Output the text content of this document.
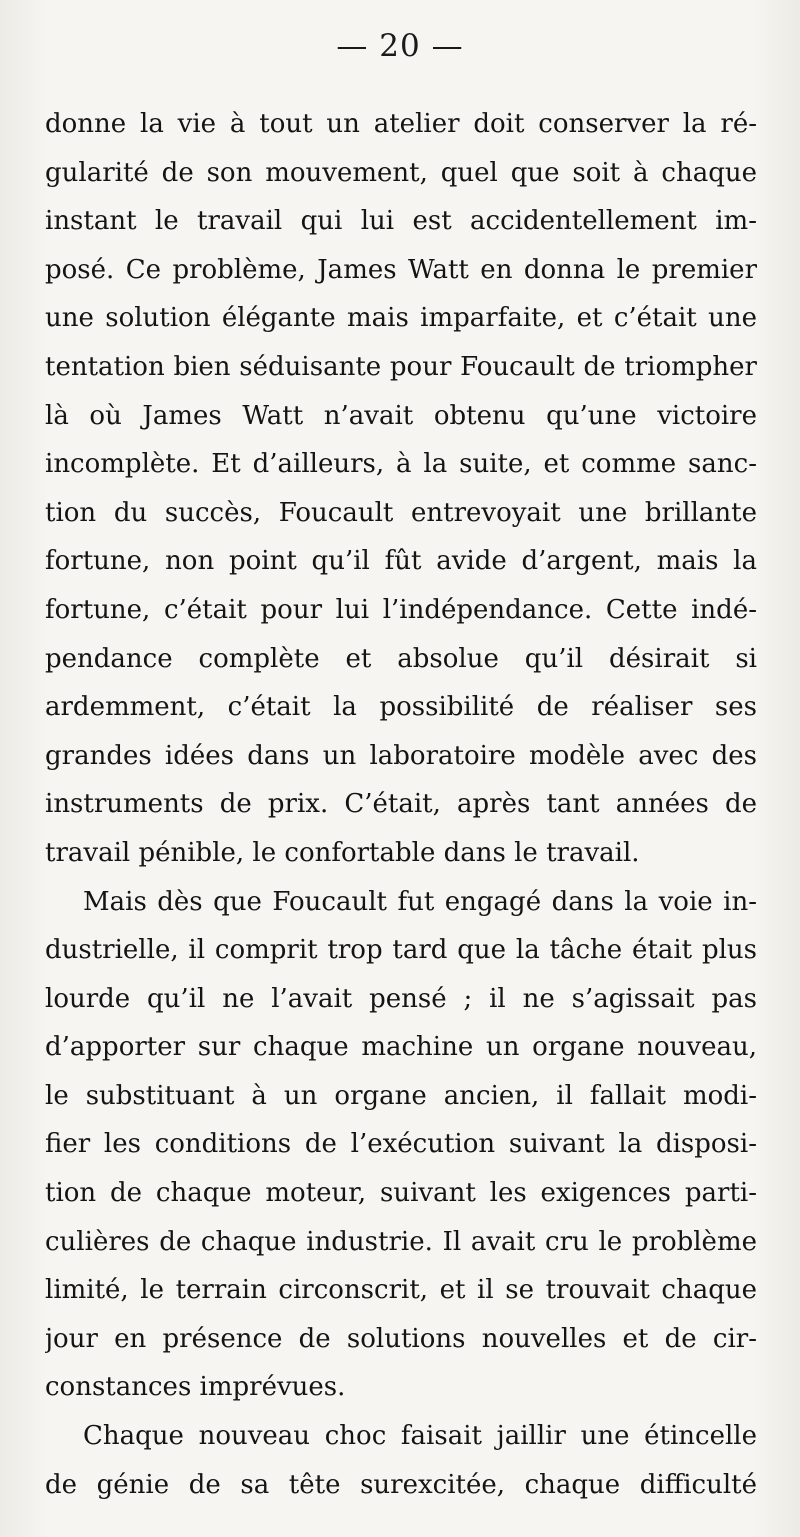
— 20 —
donne la vie à tout un atelier doit conserver la ré-
gularité de son mouvement, quel que soit à chaque
instant le travail qui lui est accidentellement im-
posé. Ce problème, James Watt en donna le premier
une solution élégante mais imparfaite, et c’était une
tentation bien séduisante pour Foucault de triompher
là où James Watt n’avait obtenu qu’une victoire
incomplète. Et d’ailleurs, à la suite, et comme sanc-
tion du succès, Foucault entrevoyait une brillante
fortune, non point qu’il fût avide d’argent, mais la
fortune, c’était pour lui l’indépendance. Cette indé-
pendance complète et absolue qu’il désirait si
ardemment, c’était la possibilité de réaliser ses
grandes idées dans un laboratoire modèle avec des
instruments de prix. C’était, après tant années de
travail pénible, le confortable dans le travail.
Mais dès que Foucault fut engagé dans la voie in-
dustrielle, il comprit trop tard que la tâche était plus
lourde qu’il ne l’avait pensé ; il ne s’agissait pas
d’apporter sur chaque machine un organe nouveau,
le substituant à un organe ancien, il fallait modi-
fier les conditions de l’exécution suivant la disposi-
tion de chaque moteur, suivant les exigences parti-
culières de chaque industrie. Il avait cru le problème
limité, le terrain circonscrit, et il se trouvait chaque
jour en présence de solutions nouvelles et de cir-
constances imprévues.
Chaque nouveau choc faisait jaillir une étincelle
de génie de sa tête surexcitée, chaque difficulté
